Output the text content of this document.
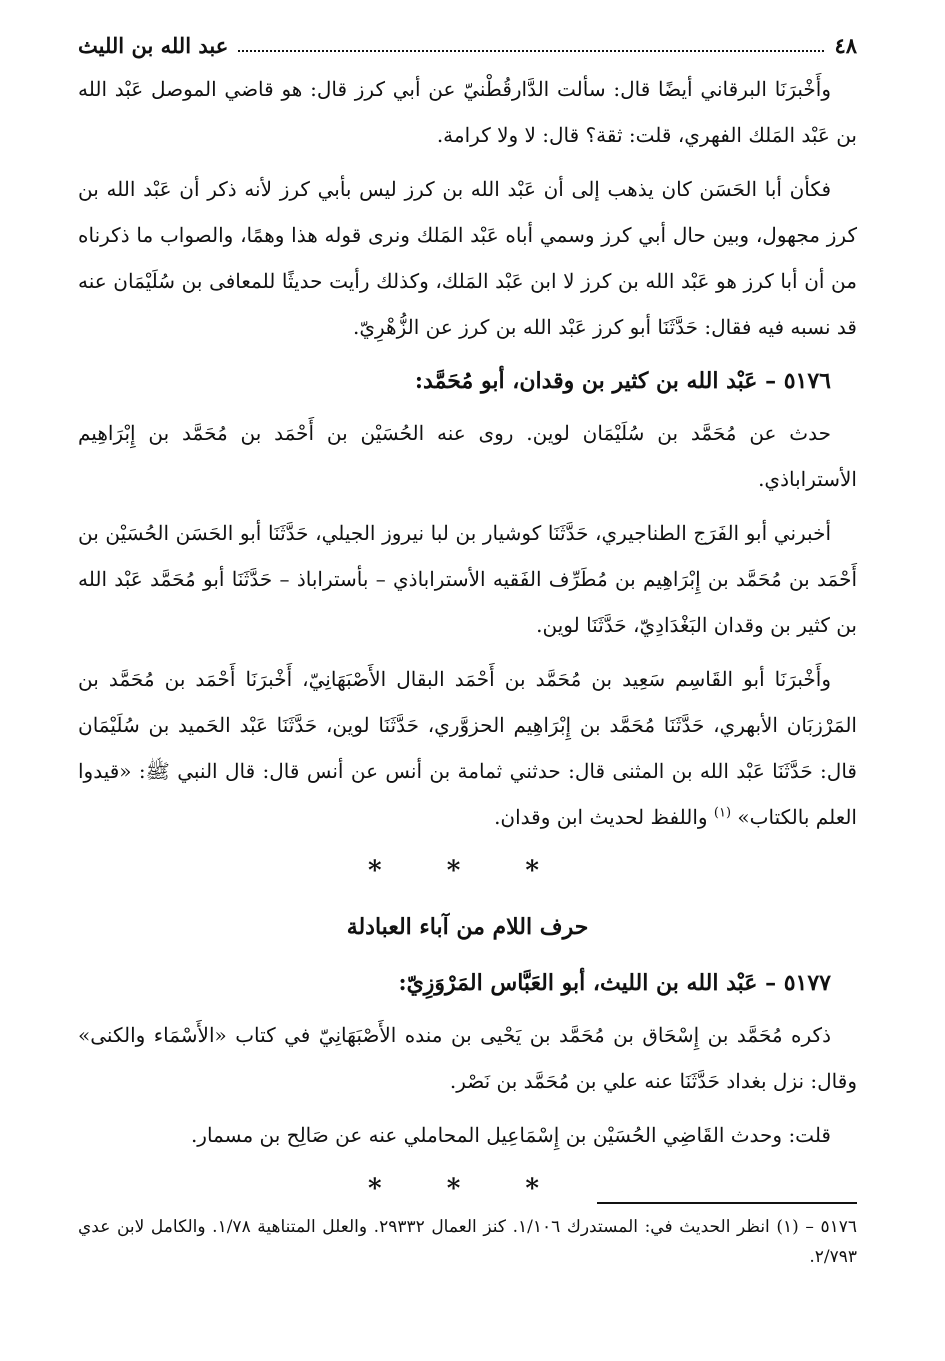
٤٨
عبد الله بن الليث

وأَخْبرَنَا البرقاني أيضًا قال: سألت الدَّارقُطْنيّ عن أبي كرز قال: هو قاضي الموصل عَبْد الله بن عَبْد المَلك الفهري، قلت: ثقة؟ قال: لا ولا كرامة.

فكأن أبا الحَسَن كان يذهب إلى أن عَبْد الله بن كرز ليس بأبي كرز لأنه ذكر أن عَبْد الله بن كرز مجهول، وبين حال أبي كرز وسمي أباه عَبْد المَلك ونرى قوله هذا وهمًا، والصواب ما ذكرناه من أن أبا كرز هو عَبْد الله بن كرز لا ابن عَبْد المَلك، وكذلك رأيت حديثًا للمعافى بن سُلَيْمَان عنه قد نسبه فيه فقال: حَدَّثَنَا أبو كرز عَبْد الله بن كرز عن الزُّهْرِيّ.

٥١٧٦ – عَبْد الله بن كثير بن وقدان، أبو مُحَمَّد:

حدث عن مُحَمَّد بن سُلَيْمَان لوين. روى عنه الحُسَيْن بن أَحْمَد بن مُحَمَّد بن إِبْرَاهِيم الأستراباذي.

أخبرني أبو الفَرَج الطناجيري، حَدَّثَنَا كوشيار بن لبا نيروز الجيلي، حَدَّثَنَا أبو الحَسَن الحُسَيْن بن أَحْمَد بن مُحَمَّد بن إِبْرَاهِيم بن مُطَرِّف الفَقيه الأستراباذي – بأستراباذ – حَدَّثَنَا أبو مُحَمَّد عَبْد الله بن كثير بن وقدان البَغْدَادِيّ، حَدَّثَنَا لوين.

وأَخْبرَنَا أبو القَاسِم سَعِيد بن مُحَمَّد بن أَحْمَد البقال الأَصْبَهَانِيّ، أَخْبرَنَا أَحْمَد بن مُحَمَّد بن المَرْزبَان الأبهري، حَدَّثَنَا مُحَمَّد بن إِبْرَاهِيم الحزوَّري، حَدَّثَنَا لوين، حَدَّثَنَا عَبْد الحَميد بن سُلَيْمَان قال: حَدَّثَنَا عَبْد الله بن المثنى قال: حدثني ثمامة بن أنس عن أنس قال: قال النبي ﷺ: «قيدوا العلم بالكتاب» $^{(١)}$ واللفظ لحديث ابن وقدان.

* * *
حرف اللام من آباء العبادلة
٥١٧٧ – عَبْد الله بن الليث، أبو العَبَّاس المَرْوَزِيّ:

ذكره مُحَمَّد بن إِسْحَاق بن مُحَمَّد بن يَحْيى بن منده الأَصْبَهَانِيّ في كتاب «الأَسْمَاء والكنى» وقال: نزل بغداد حَدَّثَنَا عنه علي بن مُحَمَّد بن نَصْر.

قلت: وحدث القَاضِي الحُسَيْن بن إِسْمَاعِيل المحاملي عنه عن صَالِح بن مسمار.

* * *

٥١٧٦ – (١) انظر الحديث في: المستدرك ١/١٠٦. كنز العمال ٢٩٣٣٢. والعلل المتناهية ١/٧٨. والكامل لابن عدي ٢/٧٩٣.
